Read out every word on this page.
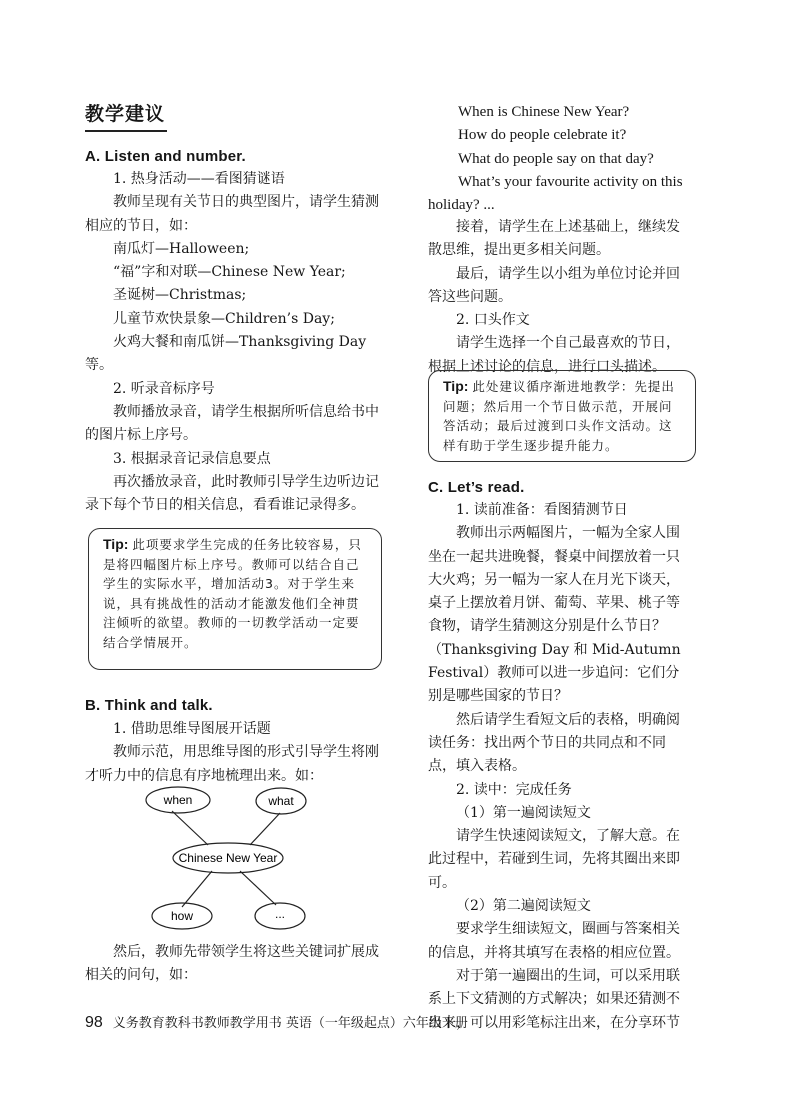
教学建议
A. Listen and number.

1. 热身活动——看图猜谜语

教师呈现有关节日的典型图片，请学生猜测相应的节日，如：

南瓜灯—Halloween;

“福”字和对联—Chinese New Year;

圣诞树—Christmas;

儿童节欢快景象—Children’s Day;

火鸡大餐和南瓜饼—Thanksgiving Day等。

2. 听录音标序号

教师播放录音，请学生根据所听信息给书中的图片标上序号。

3. 根据录音记录信息要点

再次播放录音，此时教师引导学生边听边记录下每个节日的相关信息，看看谁记录得多。

Tip: 此项要求学生完成的任务比较容易，只是将四幅图片标上序号。教师可以结合自己学生的实际水平，增加活动3。对于学生来说，具有挑战性的活动才能激发他们全神贯注倾听的欲望。教师的一切教学活动一定要结合学情展开。
B. Think and talk.

1. 借助思维导图展开话题

教师示范，用思维导图的形式引导学生将刚才听力中的信息有序地梳理出来。如：

when	what
Chinese New Year
how	...

然后，教师先带领学生将这些关键词扩展成相关的问句，如：

When is Chinese New Year?

How do people celebrate it?

What do people say on that day?

What’s your favourite activity on this holiday? ...

接着，请学生在上述基础上，继续发散思维，提出更多相关问题。

最后，请学生以小组为单位讨论并回答这些问题。

2. 口头作文

请学生选择一个自己最喜欢的节日，根据上述讨论的信息，进行口头描述。

Tip: 此处建议循序渐进地教学：先提出问题；然后用一个节日做示范，开展问答活动；最后过渡到口头作文活动。这样有助于学生逐步提升能力。
C. Let’s read.

1. 读前准备：看图猜测节日

教师出示两幅图片，一幅为全家人围坐在一起共进晚餐，餐桌中间摆放着一只大火鸡；另一幅为一家人在月光下谈天，桌子上摆放着月饼、葡萄、苹果、桃子等食物，请学生猜测这分别是什么节日？

（Thanksgiving Day 和 Mid-Autumn Festival）教师可以进一步追问：它们分别是哪些国家的节日？

然后请学生看短文后的表格，明确阅读任务：找出两个节日的共同点和不同点，填入表格。

2. 读中：完成任务

（1）第一遍阅读短文

请学生快速阅读短文，了解大意。在此过程中，若碰到生词，先将其圈出来即可。

（2）第二遍阅读短文

要求学生细读短文，圈画与答案相关的信息，并将其填写在表格的相应位置。

对于第一遍圈出的生词，可以采用联系上下文猜测的方式解决；如果还猜测不出来，可以用彩笔标注出来，在分享环节

98 义务教育教科书教师教学用书 英语（一年级起点）六年级下册
